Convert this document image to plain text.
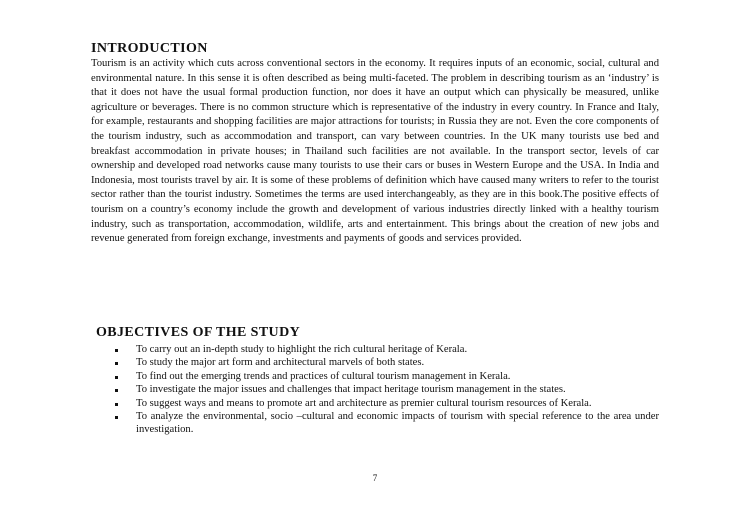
INTRODUCTION

Tourism is an activity which cuts across conventional sectors in the economy. It requires inputs of an economic, social, cultural and environmental nature. In this sense it is often described as being multi-faceted. The problem in describing tourism as an ‘industry’ is that it does not have the usual formal production function, nor does it have an output which can physically be measured, unlike agriculture or beverages. There is no common structure which is representative of the industry in every country. In France and Italy, for example, restaurants and shopping facilities are major attractions for tourists; in Russia they are not. Even the core components of the tourism industry, such as accommodation and transport, can vary between countries. In the UK many tourists use bed and breakfast accommodation in private houses; in Thailand such facilities are not available. In the transport sector, levels of car ownership and developed road networks cause many tourists to use their cars or buses in Western Europe and the USA. In India and Indonesia, most tourists travel by air. It is some of these problems of definition which have caused many writers to refer to the tourist sector rather than the tourist industry. Sometimes the terms are used interchangeably, as they are in this book.The positive effects of tourism on a country’s economy include the growth and development of various industries directly linked with a healthy tourism industry, such as transportation, accommodation, wildlife, arts and entertainment. This brings about the creation of new jobs and revenue generated from foreign exchange, investments and payments of goods and services provided.

OBJECTIVES OF THE STUDY
To carry out an in-depth study to highlight the rich cultural heritage of Kerala.
To study the major art form and architectural marvels of both states.
To find out the emerging trends and practices of cultural tourism management in Kerala.
To investigate the major issues and challenges that impact heritage tourism management in the states.
To suggest ways and means to promote art and architecture as premier cultural tourism resources of Kerala.
To analyze the environmental, socio –cultural and economic impacts of tourism with special reference to the area under investigation.
7
